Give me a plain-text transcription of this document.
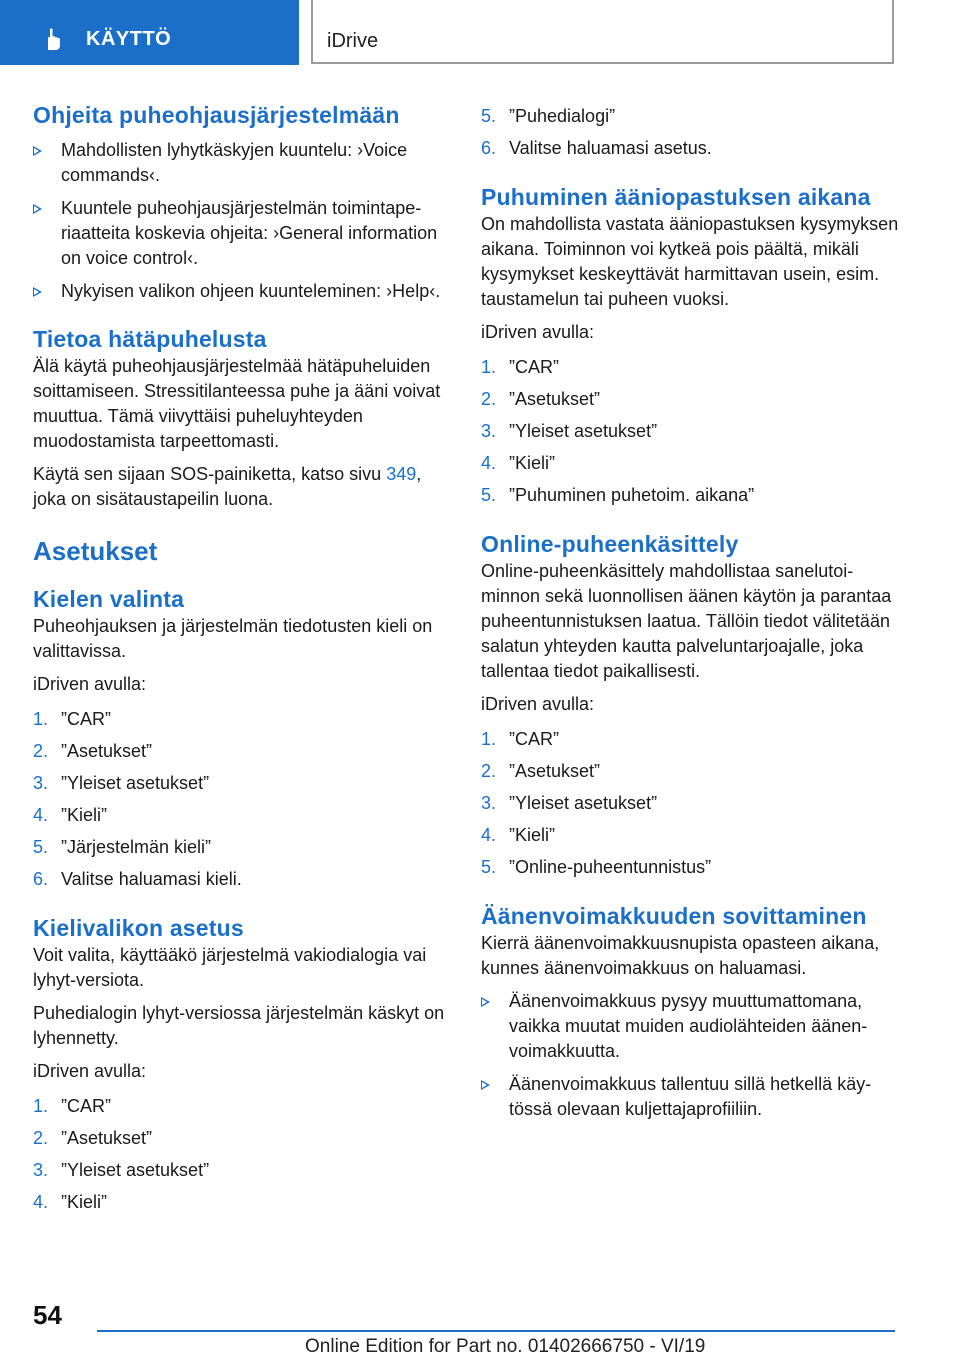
KÄYTTÖ	iDrive
Ohjeita puheohjausjärjestelmään
Mahdollisten lyhytkäskyjen kuuntelu: ›Voice commands‹.
Kuuntele puheohjausjärjestelmän toimintaperiaatteita koskevia ohjeita: ›General information on voice control‹.
Nykyisen valikon ohjeen kuunteleminen: ›Help‹.
Tietoa hätäpuhelusta

Älä käytä puheohjausjärjestelmää hätäpuheluiden soittamiseen. Stressitilanteessa puhe ja ääni voivat muuttua. Tämä viivyttäisi puheluyhteyden muodostamista tarpeettomasti.

Käytä sen sijaan SOS-painiketta, katso sivu 349, joka on sisätaustapeilin luona.

Asetukset
Kielen valinta

Puheohjauksen ja järjestelmän tiedotusten kieli on valittavissa.

iDriven avulla:

1. ”CAR”
2. ”Asetukset”
3. ”Yleiset asetukset”
4. ”Kieli”
5. ”Järjestelmän kieli”
6. Valitse haluamasi kieli.
Kielivalikon asetus

Voit valita, käyttääkö järjestelmä vakiodialogia vai lyhyt-versiota.

Puhedialogin lyhyt-versiossa järjestelmän käskyt on lyhennetty.

iDriven avulla:

1. ”CAR”
2. ”Asetukset”
3. ”Yleiset asetukset”
4. ”Kieli”
5. ”Puhedialogi”
6. Valitse haluamasi asetus.
Puhuminen ääniopastuksen aikana

On mahdollista vastata ääniopastuksen kysymyksen aikana. Toiminnon voi kytkeä pois päältä, mikäli kysymykset keskeyttävät harmittavan usein, esim. taustamelun tai puheen vuoksi.

iDriven avulla:

1. ”CAR”
2. ”Asetukset”
3. ”Yleiset asetukset”
4. ”Kieli”
5. ”Puhuminen puhetoim. aikana”
Online-puheenkäsittely

Online-puheenkäsittely mahdollistaa sanelutoiminnon sekä luonnollisen äänen käytön ja parantaa puheentunnistuksen laatua. Tällöin tiedot välitetään salatun yhteyden kautta palveluntarjoajalle, joka tallentaa tiedot paikallisesti.

iDriven avulla:

1. ”CAR”
2. ”Asetukset”
3. ”Yleiset asetukset”
4. ”Kieli”
5. ”Online-puheentunnistus”
Äänenvoimakkuuden sovittaminen

Kierrä äänenvoimakkuusnupista opasteen aikana, kunnes äänenvoimakkuus on haluamasi.

Äänenvoimakkuus pysyy muuttumattomana, vaikka muutat muiden audiolähteiden äänenvoimakkuutta.
Äänenvoimakkuus tallentuu sillä hetkellä käytössä olevaan kuljettajaprofiiliin.
54
Online Edition for Part no. 01402666750 - VI/19
